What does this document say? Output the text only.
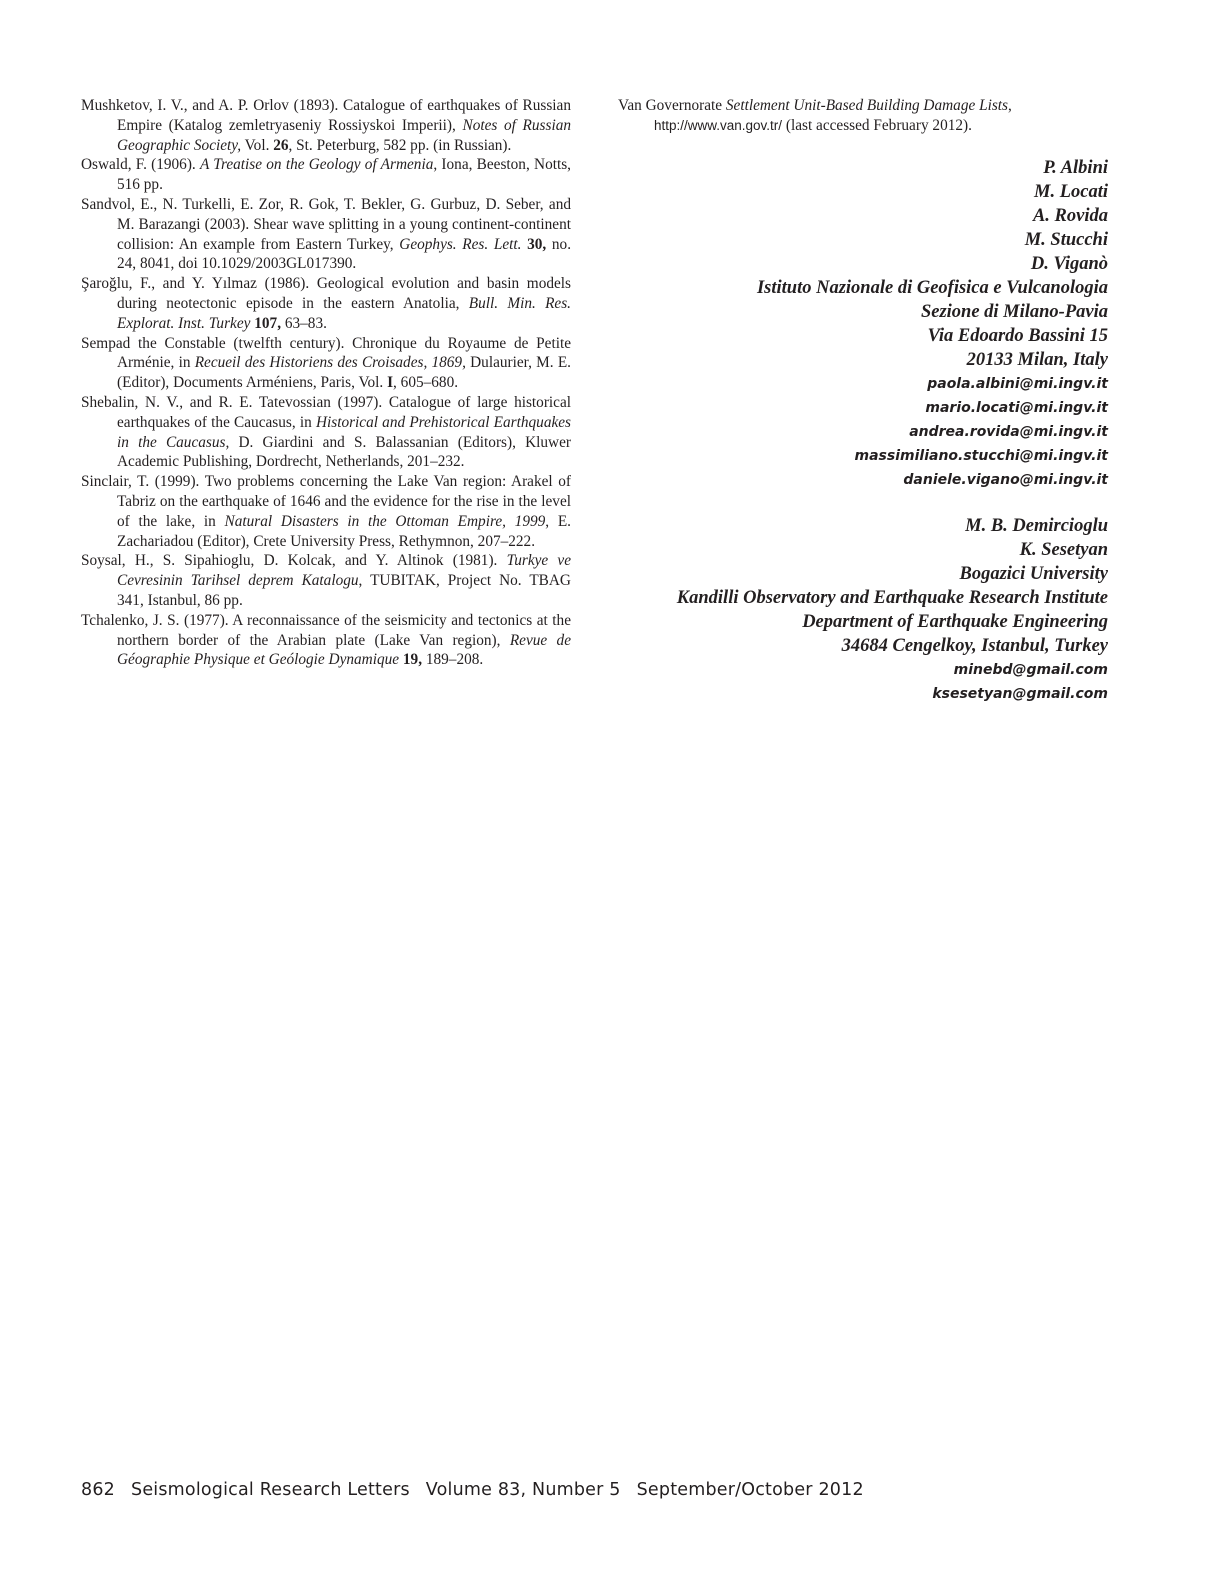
Mushketov, I. V., and A. P. Orlov (1893). Catalogue of earthquakes of Russian Empire (Katalog zemletryaseniy Rossiyskoi Imperii), Notes of Russian Geographic Society, Vol. 26, St. Peterburg, 582 pp. (in Russian).

Oswald, F. (1906). A Treatise on the Geology of Armenia, Iona, Beeston, Notts, 516 pp.

Sandvol, E., N. Turkelli, E. Zor, R. Gok, T. Bekler, G. Gurbuz, D. Seber, and M. Barazangi (2003). Shear wave splitting in a young continent-continent collision: An example from Eastern Turkey, Geophys. Res. Lett. 30, no. 24, 8041, doi 10.1029/2003GL017390.

Şaroğlu, F., and Y. Yılmaz (1986). Geological evolution and basin models during neotectonic episode in the eastern Anatolia, Bull. Min. Res. Explorat. Inst. Turkey 107, 63–83.

Sempad the Constable (twelfth century). Chronique du Royaume de Petite Arménie, in Recueil des Historiens des Croisades, 1869, Dulaurier, M. E. (Editor), Documents Arméniens, Paris, Vol. I, 605–680.

Shebalin, N. V., and R. E. Tatevossian (1997). Catalogue of large historical earthquakes of the Caucasus, in Historical and Prehistorical Earthquakes in the Caucasus, D. Giardini and S. Balassanian (Editors), Kluwer Academic Publishing, Dordrecht, Netherlands, 201–232.

Sinclair, T. (1999). Two problems concerning the Lake Van region: Arakel of Tabriz on the earthquake of 1646 and the evidence for the rise in the level of the lake, in Natural Disasters in the Ottoman Empire, 1999, E. Zachariadou (Editor), Crete University Press, Rethymnon, 207–222.

Soysal, H., S. Sipahioglu, D. Kolcak, and Y. Altinok (1981). Turkye ve Cevresinin Tarihsel deprem Katalogu, TUBITAK, Project No. TBAG 341, Istanbul, 86 pp.

Tchalenko, J. S. (1977). A reconnaissance of the seismicity and tectonics at the northern border of the Arabian plate (Lake Van region), Revue de Géographie Physique et Geólogie Dynamique 19, 189–208.

Van Governorate Settlement Unit-Based Building Damage Lists, http://www.van.gov.tr/ (last accessed February 2012).

P. Albini
M. Locati
A. Rovida
M. Stucchi
D. Viganò
Istituto Nazionale di Geofisica e Vulcanologia
Sezione di Milano-Pavia
Via Edoardo Bassini 15
20133 Milan, Italy
paola.albini@mi.ingv.it
mario.locati@mi.ingv.it
andrea.rovida@mi.ingv.it
massimiliano.stucchi@mi.ingv.it
daniele.vigano@mi.ingv.it
M. B. Demircioglu
K. Sesetyan
Bogazici University
Kandilli Observatory and Earthquake Research Institute
Department of Earthquake Engineering
34684 Cengelkoy, Istanbul, Turkey
minebd@gmail.com
ksesetyan@gmail.com
862 Seismological Research Letters Volume 83, Number 5 September/October 2012
